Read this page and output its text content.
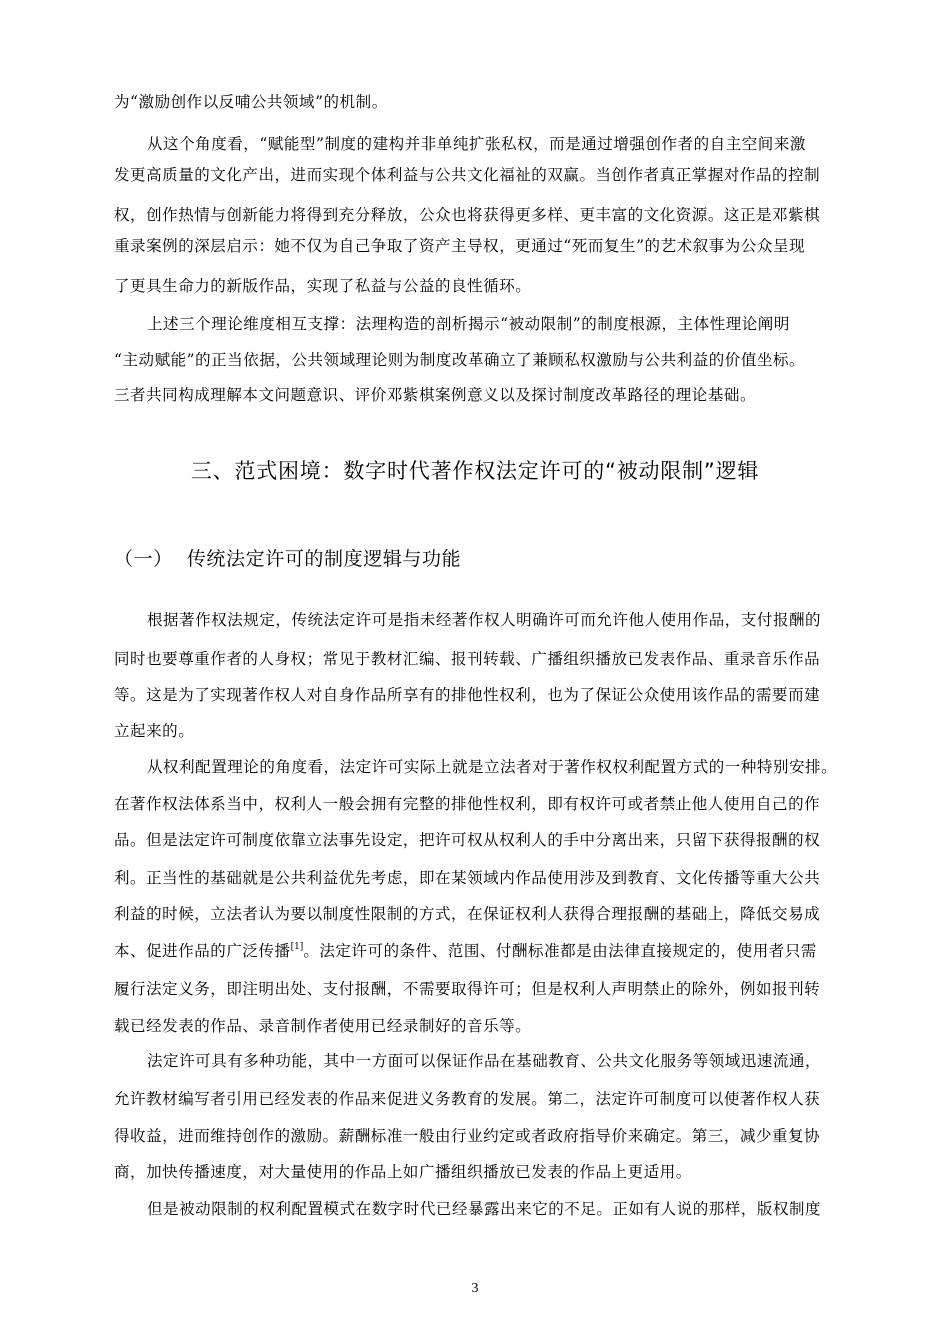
为“激励创作以反哺公共领域”的机制。
从这个角度看，“赋能型”制度的建构并非单纯扩张私权，而是通过增强创作者的自主空间来激
发更高质量的文化产出，进而实现个体利益与公共文化福祉的双赢。当创作者真正掌握对作品的控制
权，创作热情与创新能力将得到充分释放，公众也将获得更多样、更丰富的文化资源。这正是邓紫棋
重录案例的深层启示：她不仅为自己争取了资产主导权，更通过“死而复生”的艺术叙事为公众呈现
了更具生命力的新版作品，实现了私益与公益的良性循环。
上述三个理论维度相互支撑：法理构造的剖析揭示“被动限制”的制度根源，主体性理论阐明
“主动赋能”的正当依据，公共领域理论则为制度改革确立了兼顾私权激励与公共利益的价值坐标。
三者共同构成理解本文问题意识、评价邓紫棋案例意义以及探讨制度改革路径的理论基础。
三、范式困境：数字时代著作权法定许可的“被动限制”逻辑
（一） 传统法定许可的制度逻辑与功能
根据著作权法规定，传统法定许可是指未经著作权人明确许可而允许他人使用作品，支付报酬的
同时也要尊重作者的人身权；常见于教材汇编、报刊转载、广播组织播放已发表作品、重录音乐作品
等。这是为了实现著作权人对自身作品所享有的排他性权利，也为了保证公众使用该作品的需要而建
立起来的。
从权利配置理论的角度看，法定许可实际上就是立法者对于著作权权利配置方式的一种特别安排。
在著作权法体系当中，权利人一般会拥有完整的排他性权利，即有权许可或者禁止他人使用自己的作
品。但是法定许可制度依靠立法事先设定，把许可权从权利人的手中分离出来，只留下获得报酬的权
利。正当性的基础就是公共利益优先考虑，即在某领域内作品使用涉及到教育、文化传播等重大公共
利益的时候，立法者认为要以制度性限制的方式，在保证权利人获得合理报酬的基础上，降低交易成
本、促进作品的广泛传播[1]。法定许可的条件、范围、付酬标准都是由法律直接规定的，使用者只需
履行法定义务，即注明出处、支付报酬，不需要取得许可；但是权利人声明禁止的除外，例如报刊转
载已经发表的作品、录音制作者使用已经录制好的音乐等。
法定许可具有多种功能，其中一方面可以保证作品在基础教育、公共文化服务等领域迅速流通，
允许教材编写者引用已经发表的作品来促进义务教育的发展。第二，法定许可制度可以使著作权人获
得收益，进而维持创作的激励。薪酬标准一般由行业约定或者政府指导价来确定。第三，减少重复协
商，加快传播速度，对大量使用的作品上如广播组织播放已发表的作品上更适用。
但是被动限制的权利配置模式在数字时代已经暴露出来它的不足。正如有人说的那样，版权制度
3
